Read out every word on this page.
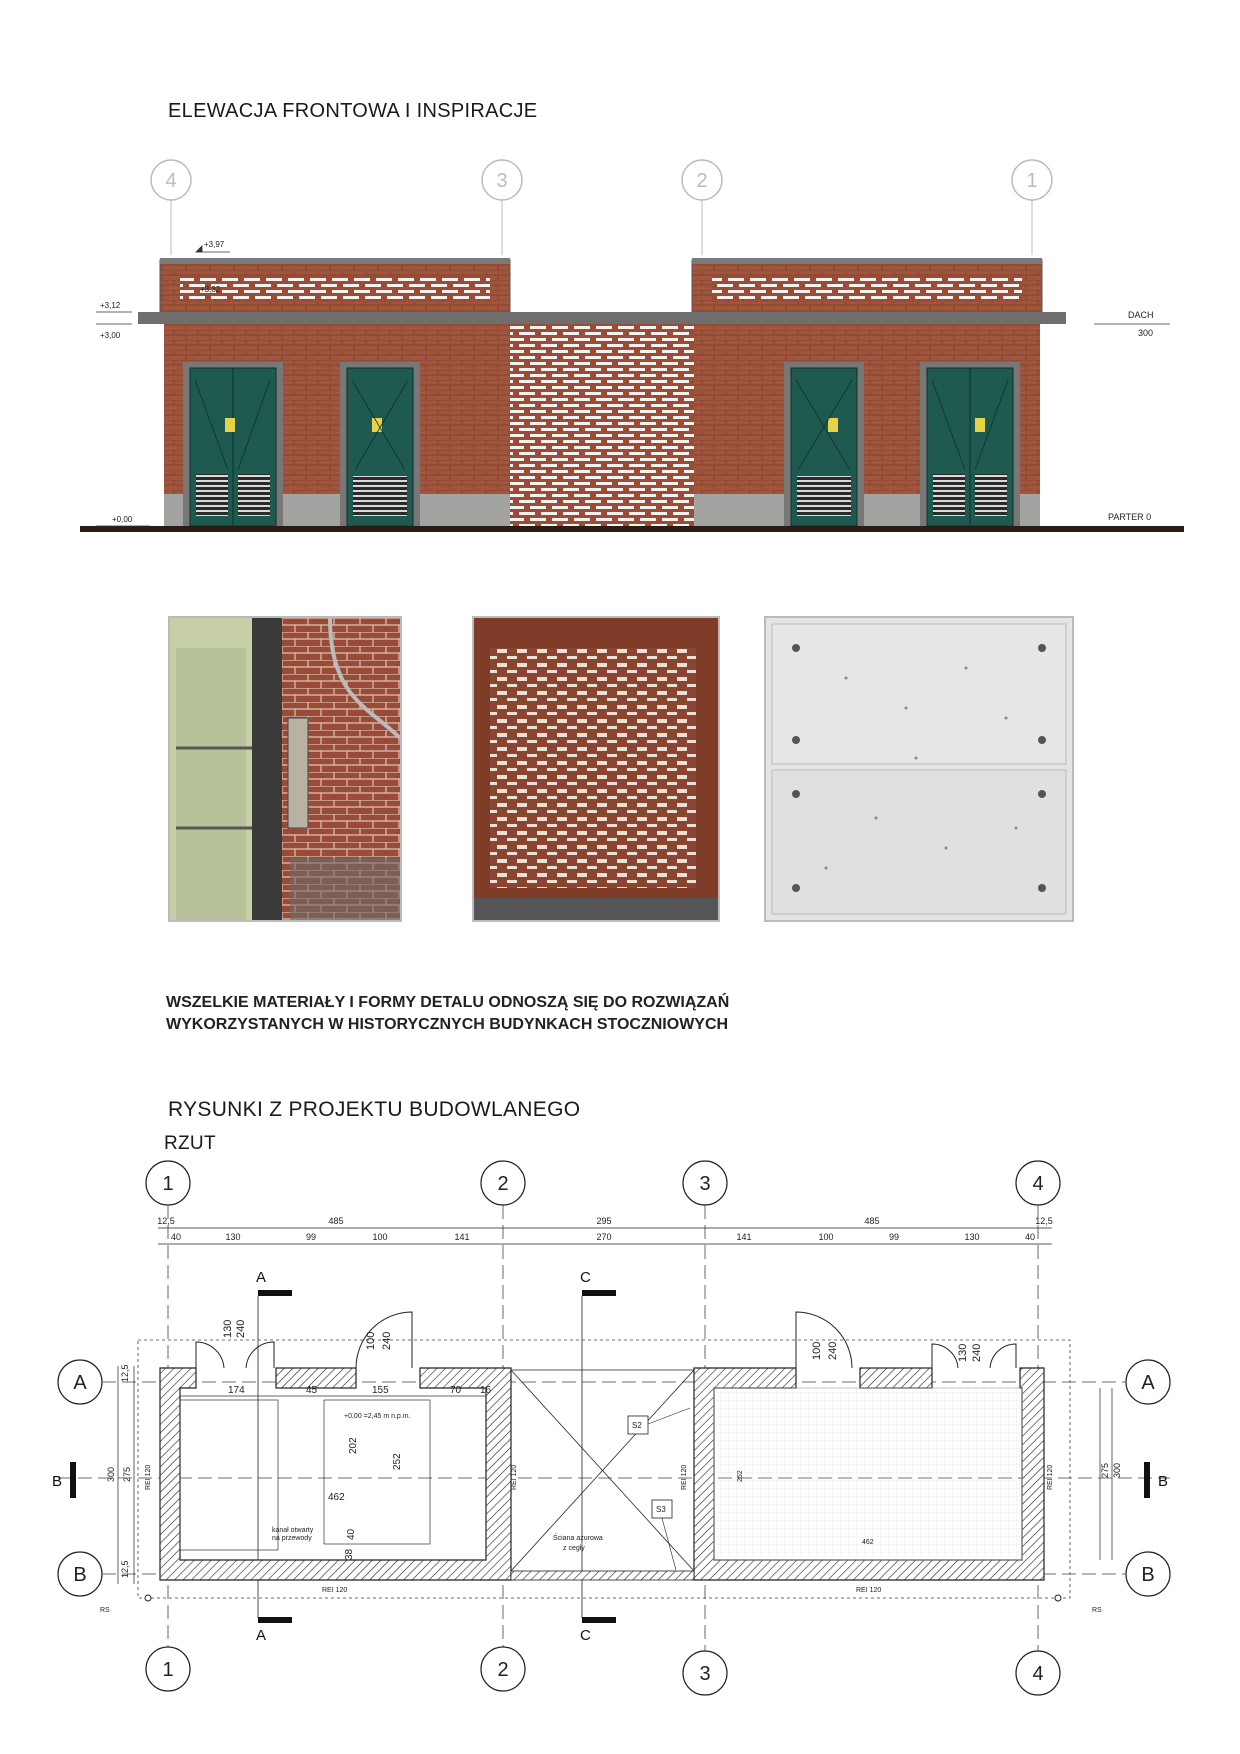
ELEWACJA FRONTOWA I INSPIRACJE
4	3	2	1
+3,97
+3,32
+3,12
+3,00
+0,00
DACH
300
PARTER 0
WSZELKIE MATERIAŁY I FORMY DETALU ODNOSZĄ SIĘ DO ROZWIĄZAŃ
WYKORZYSTANYCH W HISTORYCZNYCH BUDYNKACH STOCZNIOWYCH
RYSUNKI Z PROJEKTU BUDOWLANEGO
RZUT
1	2	3	4
1	2	3	4
A
B
A
B
12,5	485	295	485	12,5
40	130	99	100	141	270	141	100	99	130	40
A
A
C
C
B	B
130 240
100 240
100 240	130 240
12,5
275
300
12,5
275 300
174	45	155	70 16
202
252
462
38
40
+0,00 =2,45 m n.p.m.
kanał otwarty
na przewody	Ściana ażurowa
z cegły
REI 120
REI 120
REI 120	REI 120
REI 120
REI 120
252
462
RS	RS
S2
S3
